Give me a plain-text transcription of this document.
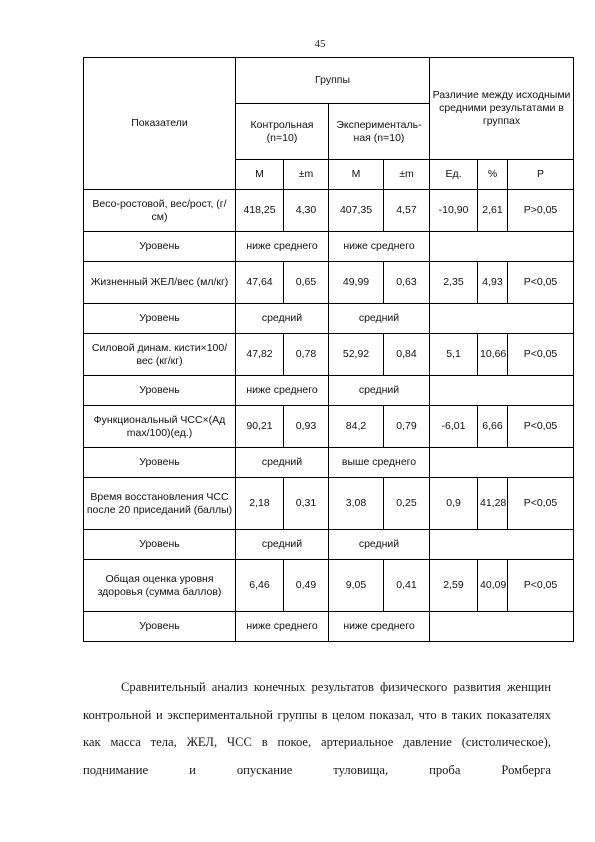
45
Показатели	Группы				Различие между исходными средними результатами в группах		
	Контрольная (n=10)		Экспериментальная (n=10)				
	М	±m	М	±m	Ед.	%	Р
Весо-ростовой, вес/рост, (г/см)	418,25	4,30	407,35	4,57	-10,90	2,61	Р>0,05
Уровень	ниже среднего		ниже среднего				
Жизненный ЖЕЛ/вес (мл/кг)	47,64	0,65	49,99	0,63	2,35	4,93	Р<0,05
Уровень	средний		средний				
Силовой динам. кисти×100/вес (кг/кг)	47,82	0,78	52,92	0,84	5,1	10,66	Р<0,05
Уровень	ниже среднего		средний				
Функциональный ЧСС×(Ад max/100)(ед.)	90,21	0,93	84,2	0,79	-6,01	6,66	Р<0,05
Уровень	средний		выше среднего				
Время восстановления ЧСС после 20 приседаний (баллы)	2,18	0,31	3,08	0,25	0,9	41,28	Р<0,05
Уровень	средний		средний				
Общая оценка уровня здоровья (сумма баллов)	6,46	0,49	9,05	0,41	2,59	40,09	Р<0,05
Уровень	ниже среднего		ниже среднего				
Сравнительный анализ конечных результатов физического развития женщин контрольной и экспериментальной группы в целом показал, что в таких показателях как масса тела, ЖЕЛ, ЧСС в покое, артериальное давление (систолическое), поднимание и опускание туловища, проба Ромберга
